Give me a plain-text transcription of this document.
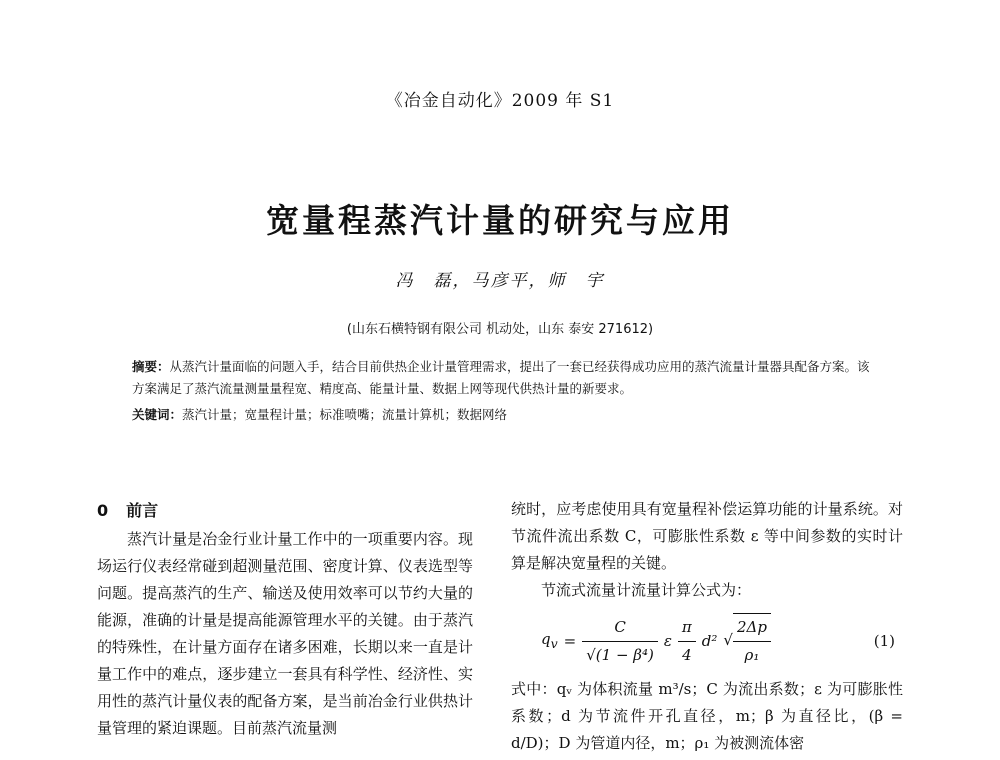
《冶金自动化》2009 年 S1
宽量程蒸汽计量的研究与应用
冯　磊，马彦平，师　宇
(山东石横特钢有限公司 机动处，山东 泰安 271612)
摘要：从蒸汽计量面临的问题入手，结合目前供热企业计量管理需求，提出了一套已经获得成功应用的蒸汽流量计量器具配备方案。该方案满足了蒸汽流量测量量程宽、精度高、能量计量、数据上网等现代供热计量的新要求。
关键词：蒸汽计量；宽量程计量；标准喷嘴；流量计算机；数据网络
0 前言

蒸汽计量是冶金行业计量工作中的一项重要内容。现场运行仪表经常碰到超测量范围、密度计算、仪表选型等问题。提高蒸汽的生产、输送及使用效率可以节约大量的能源，准确的计量是提高能源管理水平的关键。由于蒸汽的特殊性，在计量方面存在诸多困难，长期以来一直是计量工作中的难点，逐步建立一套具有科学性、经济性、实用性的蒸汽计量仪表的配备方案，是当前冶金行业供热计量管理的紧迫课题。目前蒸汽流量测

统时，应考虑使用具有宽量程补偿运算功能的计量系统。对节流件流出系数 C，可膨胀性系数 ε 等中间参数的实时计算是解决宽量程的关键。

节流式流量计流量计算公式为：

$q_v = \frac{C}{\text{√(1 − β⁴)}}$ ε $\frac{\pi}{4} d^2$ √ $\frac{2\Delta p}{\text{ρ₁}}$	(1)

式中：qᵥ 为体积流量 m³/s；C 为流出系数；ε 为可膨胀性系数；d 为节流件开孔直径，m；β 为直径比，(β = d/D)；D 为管道内径，m；ρ₁ 为被测流体密
